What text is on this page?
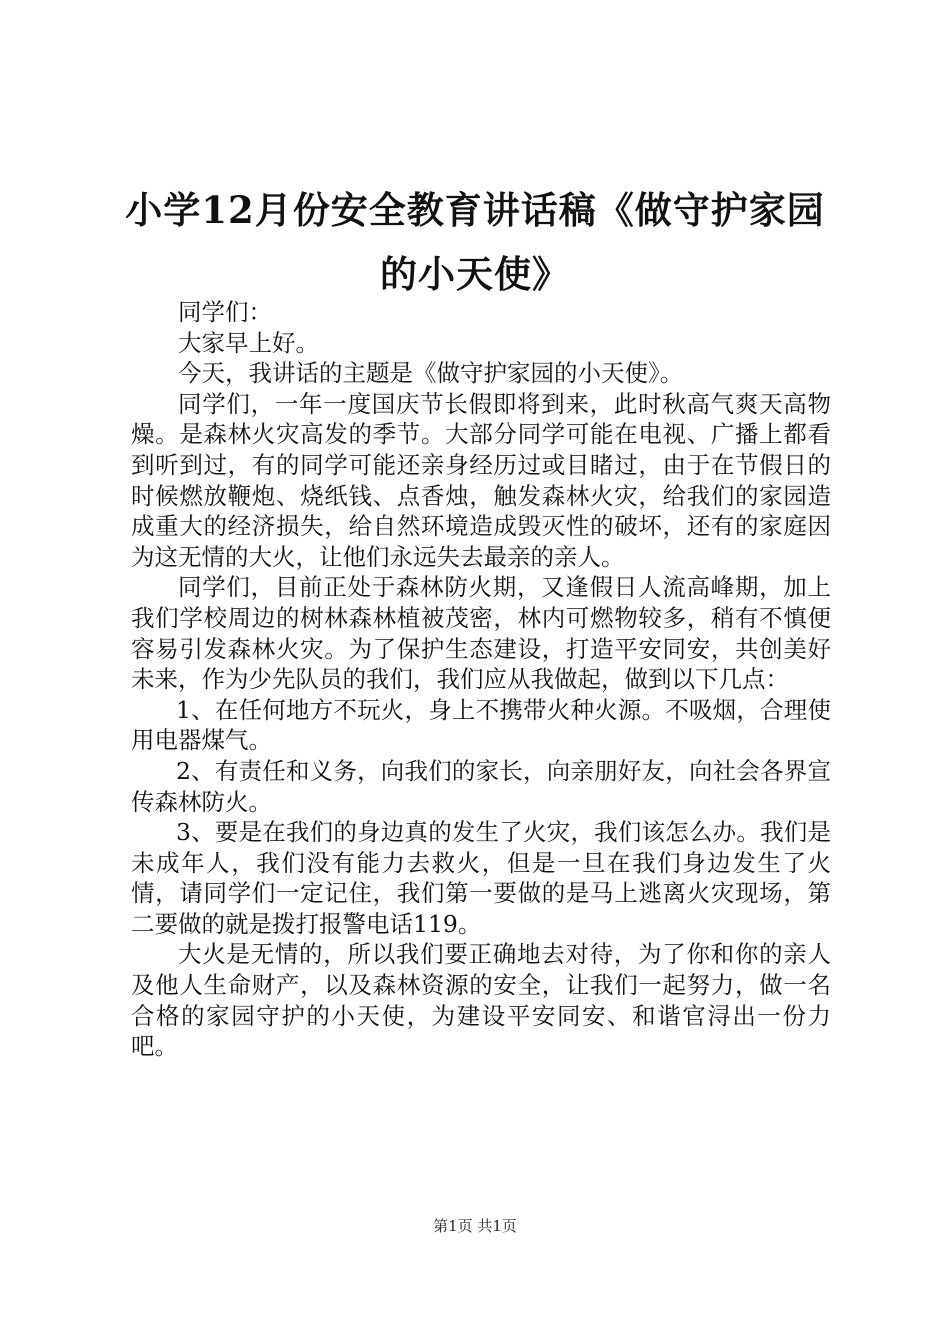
小学12月份安全教育讲话稿《做守护家园的小天使》

同学们：

大家早上好。

今天，我讲话的主题是《做守护家园的小天使》。

同学们，一年一度国庆节长假即将到来，此时秋高气爽天高物燥。是森林火灾高发的季节。大部分同学可能在电视、广播上都看到听到过，有的同学可能还亲身经历过或目睹过，由于在节假日的时候燃放鞭炮、烧纸钱、点香烛，触发森林火灾，给我们的家园造成重大的经济损失，给自然环境造成毁灭性的破坏，还有的家庭因为这无情的大火，让他们永远失去最亲的亲人。

同学们，目前正处于森林防火期，又逢假日人流高峰期，加上我们学校周边的树林森林植被茂密，林内可燃物较多，稍有不慎便容易引发森林火灾。为了保护生态建设，打造平安同安，共创美好未来，作为少先队员的我们，我们应从我做起，做到以下几点：

1、在任何地方不玩火，身上不携带火种火源。不吸烟，合理使用电器煤气。

2、有责任和义务，向我们的家长，向亲朋好友，向社会各界宣传森林防火。

3、要是在我们的身边真的发生了火灾，我们该怎么办。我们是未成年人，我们没有能力去救火，但是一旦在我们身边发生了火情，请同学们一定记住，我们第一要做的是马上逃离火灾现场，第二要做的就是拨打报警电话119。

大火是无情的，所以我们要正确地去对待，为了你和你的亲人及他人生命财产，以及森林资源的安全，让我们一起努力，做一名合格的家园守护的小天使，为建设平安同安、和谐官浔出一份力吧。

第1页 共1页
